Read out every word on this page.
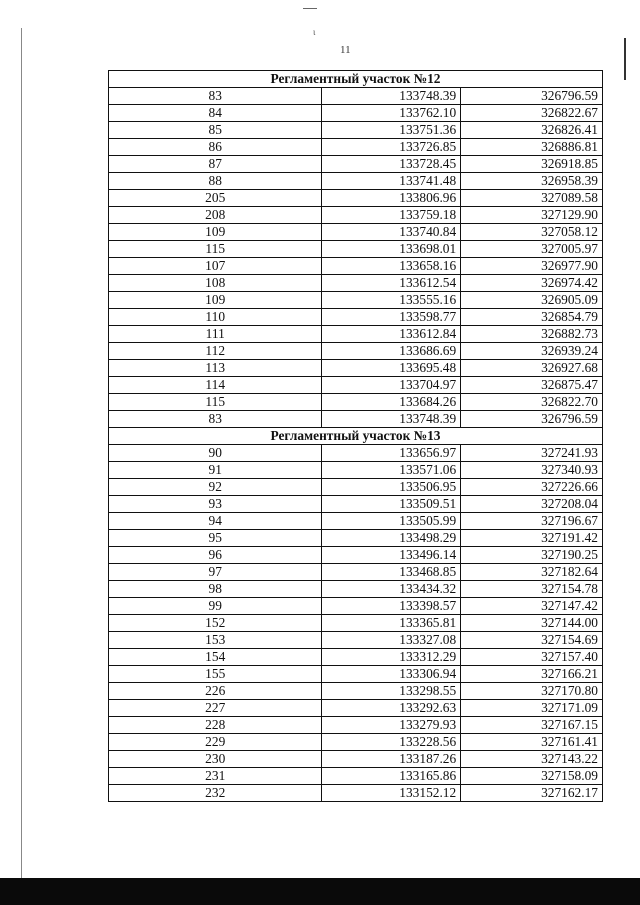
ɩ
11
Регламентный участок №12		
83	133748.39	326796.59
84	133762.10	326822.67
85	133751.36	326826.41
86	133726.85	326886.81
87	133728.45	326918.85
88	133741.48	326958.39
205	133806.96	327089.58
208	133759.18	327129.90
109	133740.84	327058.12
115	133698.01	327005.97
107	133658.16	326977.90
108	133612.54	326974.42
109	133555.16	326905.09
110	133598.77	326854.79
111	133612.84	326882.73
112	133686.69	326939.24
113	133695.48	326927.68
114	133704.97	326875.47
115	133684.26	326822.70
83	133748.39	326796.59
Регламентный участок №13		
90	133656.97	327241.93
91	133571.06	327340.93
92	133506.95	327226.66
93	133509.51	327208.04
94	133505.99	327196.67
95	133498.29	327191.42
96	133496.14	327190.25
97	133468.85	327182.64
98	133434.32	327154.78
99	133398.57	327147.42
152	133365.81	327144.00
153	133327.08	327154.69
154	133312.29	327157.40
155	133306.94	327166.21
226	133298.55	327170.80
227	133292.63	327171.09
228	133279.93	327167.15
229	133228.56	327161.41
230	133187.26	327143.22
231	133165.86	327158.09
232	133152.12	327162.17
